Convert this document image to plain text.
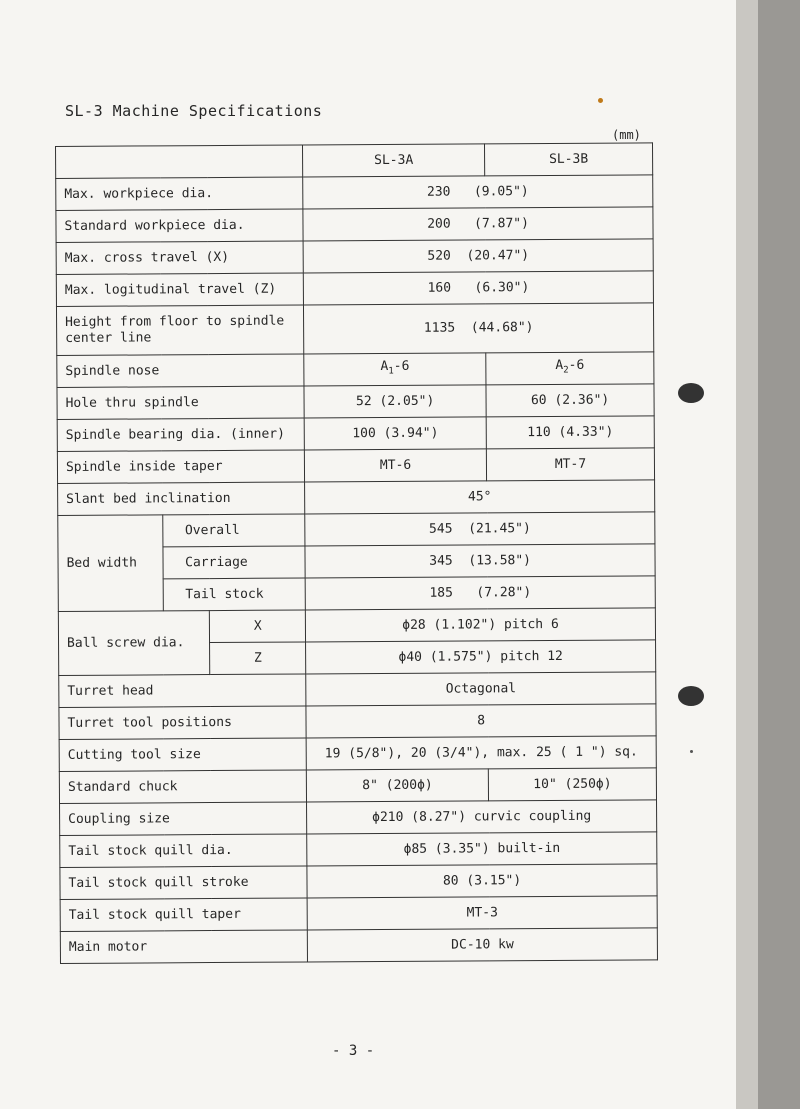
SL-3 Machine Specifications
(mm)
			SL-3A	SL-3B
Max. workpiece dia.			230   (9.05")	
Standard workpiece dia.			200   (7.87")	
Max. cross travel (X)			520  (20.47")	
Max. logitudinal travel (Z)			160   (6.30")	
Height from floor to spindle center line			1135  (44.68")	
Spindle nose			$A_1-6$	$A_2-6$
Hole thru spindle			52 (2.05")	60 (2.36")
Spindle bearing dia. (inner)			100 (3.94")	110 (4.33")
Spindle inside taper			MT-6	MT-7
Slant bed inclination			45°	
Bed width	Overall		545  (21.45")	
	Carriage		345  (13.58")	
	Tail stock		185   (7.28")	
Ball screw dia.		X	ϕ28 (1.102") pitch 6	
		Z	ϕ40 (1.575") pitch 12	
Turret head			Octagonal	
Turret tool positions			8	
Cutting tool size			19 (5/8"), 20 (3/4"), max. 25 ( 1 ") sq.	
Standard chuck			8" (200ϕ)	10" (250ϕ)
Coupling size			ϕ210 (8.27") curvic coupling	
Tail stock quill dia.			ϕ85 (3.35") built-in	
Tail stock quill stroke			80 (3.15")	
Tail stock quill taper			MT-3	
Main motor			DC-10 kw	
- 3 -
